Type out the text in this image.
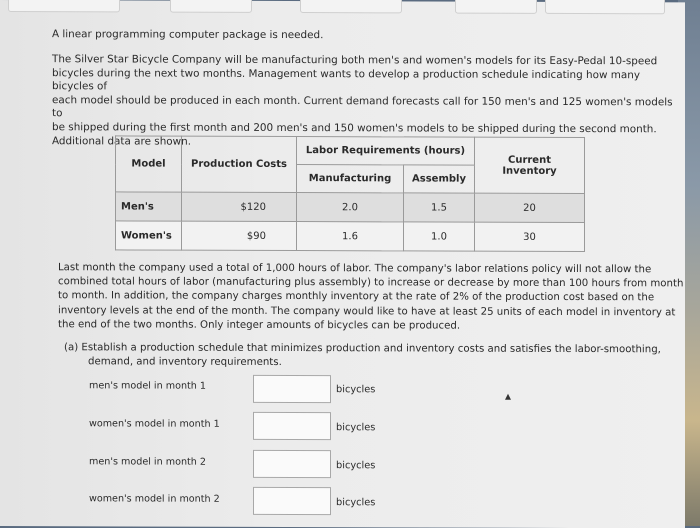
A linear programming computer package is needed.
The Silver Star Bicycle Company will be manufacturing both men's and women's models for its Easy-Pedal 10-speed
bicycles during the next two months. Management wants to develop a production schedule indicating how many bicycles of
each model should be produced in each month. Current demand forecasts call for 150 men's and 125 women's models to
be shipped during the first month and 200 men's and 150 women's models to be shipped during the second month.
Additional data are shown.
Model	Production Costs	Labor Requirements (hours)		Current Inventory
		Manufacturing	Assembly	
Men's	$120	2.0	1.5	20
Women's	$90	1.6	1.0	30
Last month the company used a total of 1,000 hours of labor. The company's labor relations policy will not allow the
combined total hours of labor (manufacturing plus assembly) to increase or decrease by more than 100 hours from month
to month. In addition, the company charges monthly inventory at the rate of 2% of the production cost based on the
inventory levels at the end of the month. The company would like to have at least 25 units of each model in inventory at
the end of the two months. Only integer amounts of bicycles can be produced.
(a) Establish a production schedule that minimizes production and inventory costs and satisfies the labor-smoothing,
demand, and inventory requirements.
men's model in month 1	bicycles
women's model in month 1	bicycles
men's model in month 2	bicycles
women's model in month 2	bicycles
